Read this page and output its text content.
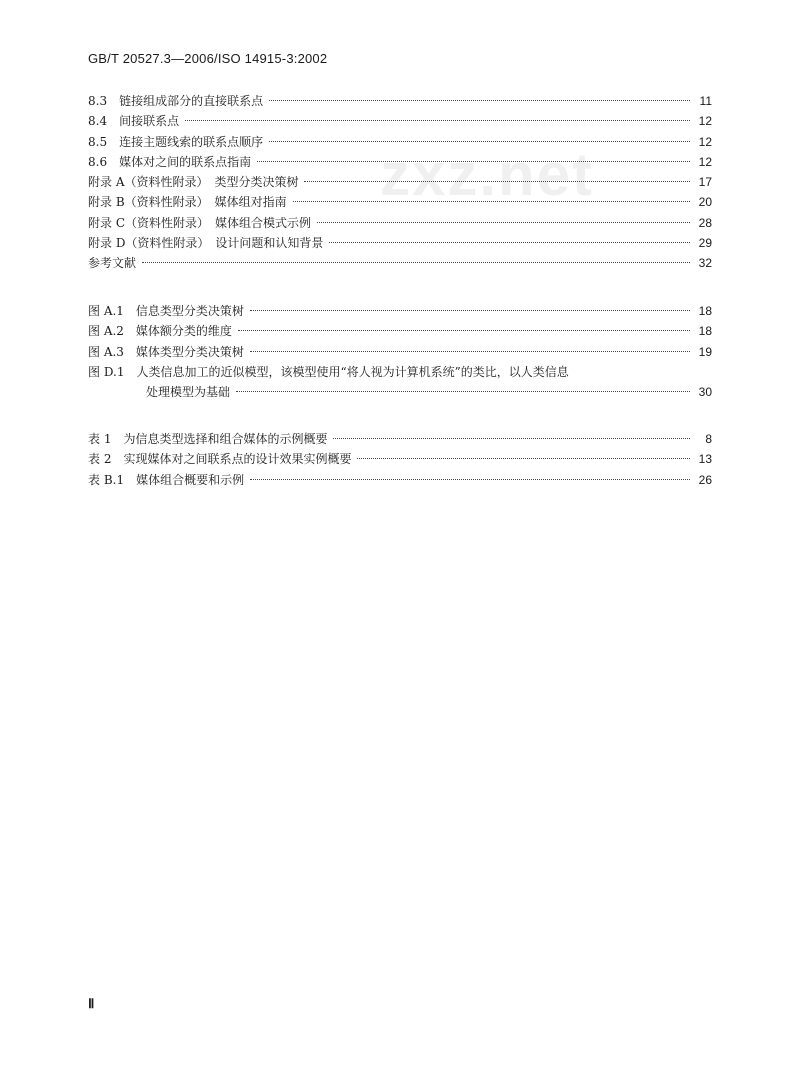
GB/T 20527.3—2006/ISO 14915-3:2002
zxz.net
8.3　链接组成部分的直接联系点	11
8.4　间接联系点	12
8.5　连接主题线索的联系点顺序	12
8.6　媒体对之间的联系点指南	12
附录 A（资料性附录）　类型分类决策树	17
附录 B（资料性附录）　媒体组对指南	20
附录 C（资料性附录）　媒体组合模式示例	28
附录 D（资料性附录）　设计问题和认知背景	29
参考文献	32
图 A.1　信息类型分类决策树	18
图 A.2　媒体额分类的维度	18
图 A.3　媒体类型分类决策树	19
图 D.1 人类信息加工的近似模型，该模型使用“将人视为计算机系统”的类比，以人类信息
处理模型为基础	30
表 1　为信息类型选择和组合媒体的示例概要	8
表 2　实现媒体对之间联系点的设计效果实例概要	13
表 B.1　媒体组合概要和示例	26
Ⅱ
